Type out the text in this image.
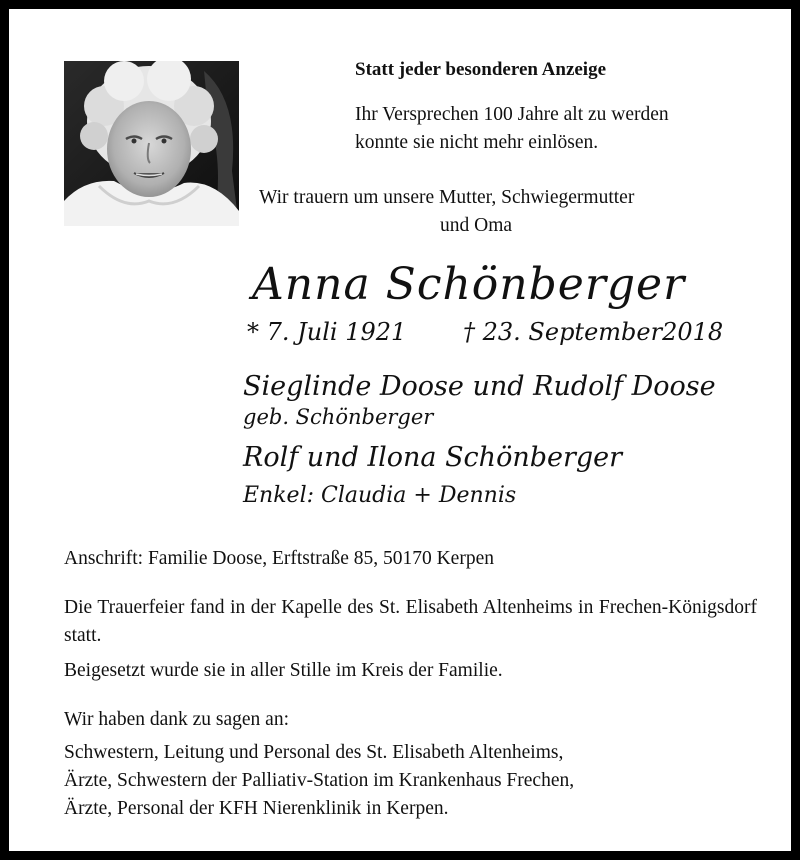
Statt jeder besonderen Anzeige
Ihr Versprechen 100 Jahre alt zu werden
konnte sie nicht mehr einlösen.
Wir trauern um unsere Mutter, Schwiegermutter
und Oma
Anna Schönberger
* 7. Juli 1921 † 23. September2018
Sieglinde Doose und Rudolf Doose
geb. Schönberger
Rolf und Ilona Schönberger
Enkel: Claudia + Dennis
Anschrift: Familie Doose, Erftstraße 85, 50170 Kerpen
Die Trauerfeier fand in der Kapelle des St. Elisabeth Altenheims in Frechen-Königsdorf statt.
Beigesetzt wurde sie in aller Stille im Kreis der Familie.
Wir haben dank zu sagen an:
Schwestern, Leitung und Personal des St. Elisabeth Altenheims,
Ärzte, Schwestern der Palliativ-Station im Krankenhaus Frechen,
Ärzte, Personal der KFH Nierenklinik in Kerpen.
